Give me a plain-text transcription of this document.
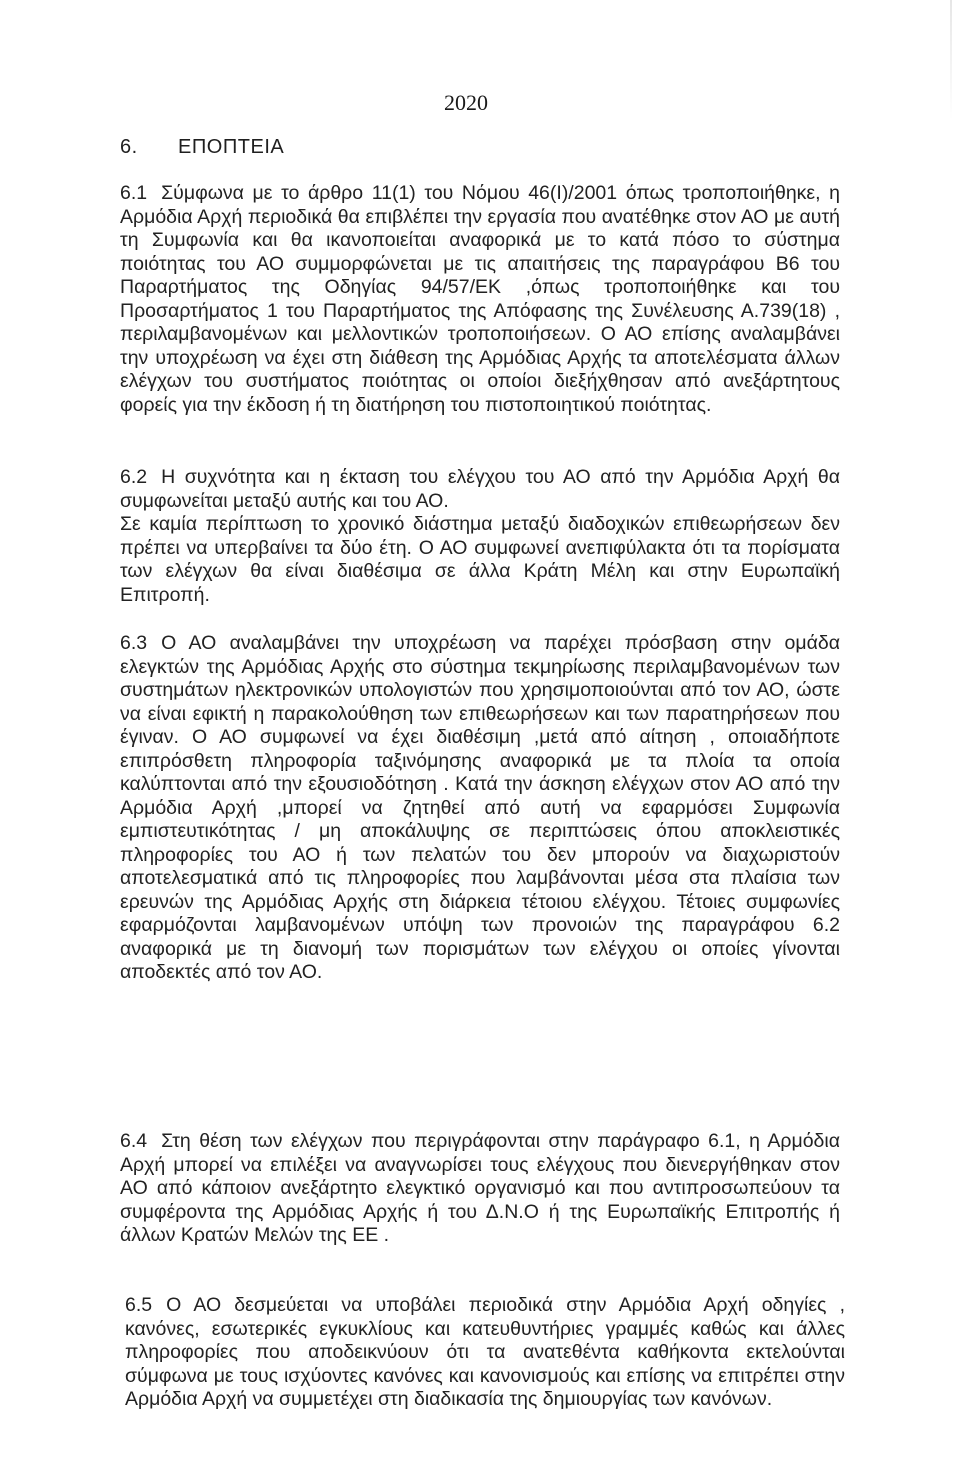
2020
6. ΕΠΟΠΤΕΙΑ
6.1 Σύμφωνα με το άρθρο 11(1) του Νόμου 46(Ι)/2001 όπως τροποποιήθηκε, η Αρμόδια Αρχή περιοδικά θα επιβλέπει την εργασία που ανατέθηκε στον ΑΟ με αυτή τη Συμφωνία και θα ικανοποιείται αναφορικά με το κατά πόσο το σύστημα ποιότητας του ΑΟ συμμορφώνεται με τις απαιτήσεις της παραγράφου Β6 του Παραρτήματος της Οδηγίας 94/57/ΕΚ ,όπως τροποποιήθηκε και του Προσαρτήματος 1 του Παραρτήματος της Απόφασης της Συνέλευσης Α.739(18) , περιλαμβανομένων και μελλοντικών τροποποιήσεων. Ο ΑΟ επίσης αναλαμβάνει την υποχρέωση να έχει στη διάθεση της Αρμόδιας Αρχής τα αποτελέσματα άλλων ελέγχων του συστήματος ποιότητας οι οποίοι διεξήχθησαν από ανεξάρτητους φορείς για την έκδοση ή τη διατήρηση του πιστοποιητικού ποιότητας.
6.2 Η συχνότητα και η έκταση του ελέγχου του ΑΟ από την Αρμόδια Αρχή θα συμφωνείται μεταξύ αυτής και του ΑΟ.
Σε καμία περίπτωση το χρονικό διάστημα μεταξύ διαδοχικών επιθεωρήσεων δεν πρέπει να υπερβαίνει τα δύο έτη. Ο ΑΟ συμφωνεί ανεπιφύλακτα ότι τα πορίσματα των ελέγχων θα είναι διαθέσιμα σε άλλα Κράτη Μέλη και στην Ευρωπαϊκή Επιτροπή.
6.3 Ο ΑΟ αναλαμβάνει την υποχρέωση να παρέχει πρόσβαση στην ομάδα ελεγκτών της Αρμόδιας Αρχής στο σύστημα τεκμηρίωσης περιλαμβανομένων των συστημάτων ηλεκτρονικών υπολογιστών που χρησιμοποιούνται από τον ΑΟ, ώστε να είναι εφικτή η παρακολούθηση των επιθεωρήσεων και των παρατηρήσεων που έγιναν. Ο ΑΟ συμφωνεί να έχει διαθέσιμη ,μετά από αίτηση , οποιαδήποτε επιπρόσθετη πληροφορία ταξινόμησης αναφορικά με τα πλοία τα οποία καλύπτονται από την εξουσιοδότηση . Κατά την άσκηση ελέγχων στον ΑΟ από την Αρμόδια Αρχή ,μπορεί να ζητηθεί από αυτή να εφαρμόσει Συμφωνία εμπιστευτικότητας / μη αποκάλυψης σε περιπτώσεις όπου αποκλειστικές πληροφορίες του ΑΟ ή των πελατών του δεν μπορούν να διαχωριστούν αποτελεσματικά από τις πληροφορίες που λαμβάνονται μέσα στα πλαίσια των ερευνών της Αρμόδιας Αρχής στη διάρκεια τέτοιου ελέγχου. Τέτοιες συμφωνίες εφαρμόζονται λαμβανομένων υπόψη των προνοιών της παραγράφου 6.2 αναφορικά με τη διανομή των πορισμάτων των ελέγχου οι οποίες γίνονται αποδεκτές από τον ΑΟ.
6.4 Στη θέση των ελέγχων που περιγράφονται στην παράγραφο 6.1, η Αρμόδια Αρχή μπορεί να επιλέξει να αναγνωρίσει τους ελέγχους που διενεργήθηκαν στον ΑΟ από κάποιον ανεξάρτητο ελεγκτικό οργανισμό και που αντιπροσωπεύουν τα συμφέροντα της Αρμόδιας Αρχής ή του Δ.Ν.Ο ή της Ευρωπαϊκής Επιτροπής ή άλλων Κρατών Μελών της ΕΕ .
6.5 Ο ΑΟ δεσμεύεται να υποβάλει περιοδικά στην Αρμόδια Αρχή οδηγίες , κανόνες, εσωτερικές εγκυκλίους και κατευθυντήριες γραμμές καθώς και άλλες πληροφορίες που αποδεικνύουν ότι τα ανατεθέντα καθήκοντα εκτελούνται σύμφωνα με τους ισχύοντες κανόνες και κανονισμούς και επίσης να επιτρέπει στην Αρμόδια Αρχή να συμμετέχει στη διαδικασία της δημιουργίας των κανόνων.
